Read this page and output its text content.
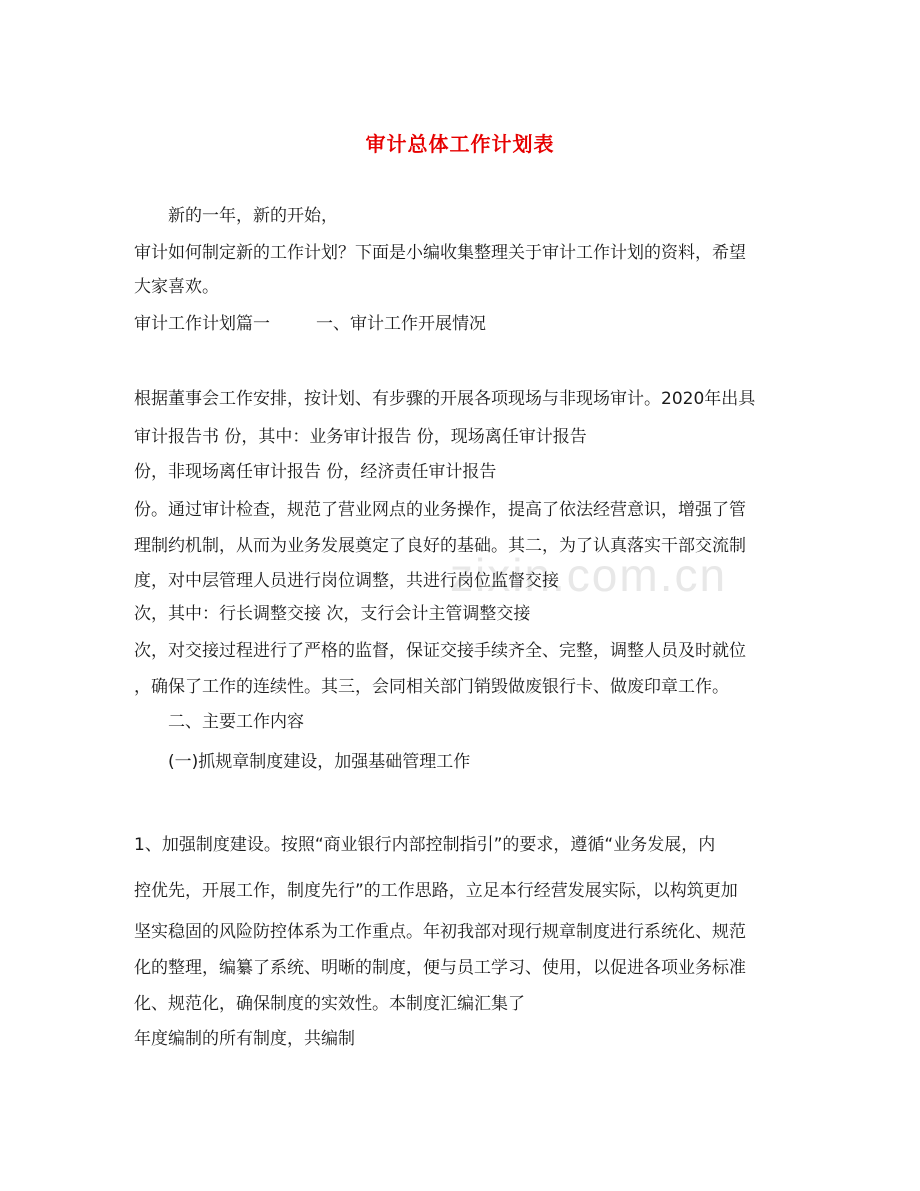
审计总体工作计划表
zixin.com.cn
新的一年，新的开始，
审计如何制定新的工作计划？下面是小编收集整理关于审计工作计划的资料，希望
大家喜欢。
审计工作计划篇一	一、审计工作开展情况
根据董事会工作安排，按计划、有步骤的开展各项现场与非现场审计。2020年出具
审计报告书 份，其中：业务审计报告 份，现场离任审计报告
份，非现场离任审计报告 份，经济责任审计报告
份。通过审计检查，规范了营业网点的业务操作，提高了依法经营意识，增强了管
理制约机制，从而为业务发展奠定了良好的基础。其二，为了认真落实干部交流制
度，对中层管理人员进行岗位调整，共进行岗位监督交接
次，其中：行长调整交接 次，支行会计主管调整交接
次，对交接过程进行了严格的监督，保证交接手续齐全、完整，调整人员及时就位
，确保了工作的连续性。其三，会同相关部门销毁做废银行卡、做废印章工作。
二、主要工作内容
(一)抓规章制度建设，加强基础管理工作
1、加强制度建设。按照“商业银行内部控制指引”的要求，遵循“业务发展，内
控优先，开展工作，制度先行”的工作思路，立足本行经营发展实际，以构筑更加
坚实稳固的风险防控体系为工作重点。年初我部对现行规章制度进行系统化、规范
化的整理，编纂了系统、明晰的制度，便与员工学习、使用，以促进各项业务标准
化、规范化，确保制度的实效性。本制度汇编汇集了
年度编制的所有制度，共编制
